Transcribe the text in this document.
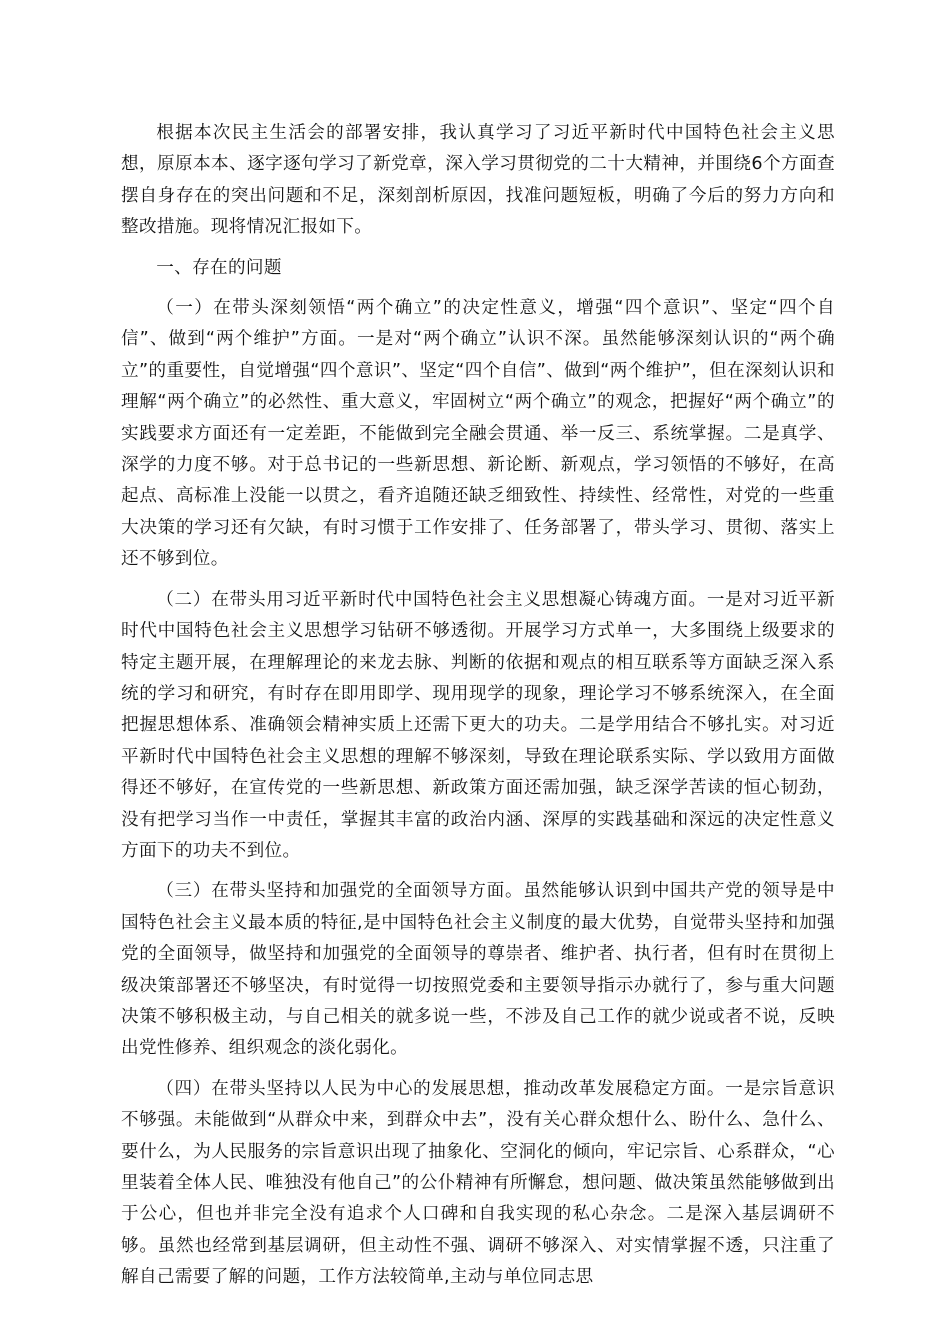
根据本次民主生活会的部署安排，我认真学习了习近平新时代中国特色社会主义思想，原原本本、逐字逐句学习了新党章，深入学习贯彻党的二十大精神，并围绕6个方面查摆自身存在的突出问题和不足，深刻剖析原因，找准问题短板，明确了今后的努力方向和整改措施。现将情况汇报如下。

一、存在的问题

（一）在带头深刻领悟“两个确立”的决定性意义，增强“四个意识”、坚定“四个自信”、做到“两个维护”方面。一是对“两个确立”认识不深。虽然能够深刻认识的“两个确立”的重要性，自觉增强“四个意识”、坚定“四个自信”、做到“两个维护”，但在深刻认识和理解“两个确立”的必然性、重大意义，牢固树立“两个确立”的观念，把握好“两个确立”的实践要求方面还有一定差距，不能做到完全融会贯通、举一反三、系统掌握。二是真学、深学的力度不够。对于总书记的一些新思想、新论断、新观点，学习领悟的不够好，在高起点、高标准上没能一以贯之，看齐追随还缺乏细致性、持续性、经常性，对党的一些重大决策的学习还有欠缺，有时习惯于工作安排了、任务部署了，带头学习、贯彻、落实上还不够到位。

（二）在带头用习近平新时代中国特色社会主义思想凝心铸魂方面。一是对习近平新时代中国特色社会主义思想学习钻研不够透彻。开展学习方式单一，大多围绕上级要求的特定主题开展，在理解理论的来龙去脉、判断的依据和观点的相互联系等方面缺乏深入系统的学习和研究，有时存在即用即学、现用现学的现象，理论学习不够系统深入，在全面把握思想体系、准确领会精神实质上还需下更大的功夫。二是学用结合不够扎实。对习近平新时代中国特色社会主义思想的理解不够深刻，导致在理论联系实际、学以致用方面做得还不够好，在宣传党的一些新思想、新政策方面还需加强，缺乏深学苦读的恒心韧劲，没有把学习当作一中责任，掌握其丰富的政治内涵、深厚的实践基础和深远的决定性意义方面下的功夫不到位。

（三）在带头坚持和加强党的全面领导方面。虽然能够认识到中国共产党的领导是中国特色社会主义最本质的特征,是中国特色社会主义制度的最大优势，自觉带头坚持和加强党的全面领导，做坚持和加强党的全面领导的尊崇者、维护者、执行者，但有时在贯彻上级决策部署还不够坚决，有时觉得一切按照党委和主要领导指示办就行了，参与重大问题决策不够积极主动，与自己相关的就多说一些，不涉及自己工作的就少说或者不说，反映出党性修养、组织观念的淡化弱化。

（四）在带头坚持以人民为中心的发展思想，推动改革发展稳定方面。一是宗旨意识不够强。未能做到“从群众中来，到群众中去”，没有关心群众想什么、盼什么、急什么、要什么，为人民服务的宗旨意识出现了抽象化、空洞化的倾向，牢记宗旨、心系群众，“心里装着全体人民、唯独没有他自己”的公仆精神有所懈怠，想问题、做决策虽然能够做到出于公心，但也并非完全没有追求个人口碑和自我实现的私心杂念。二是深入基层调研不够。虽然也经常到基层调研，但主动性不强、调研不够深入、对实情掌握不透，只注重了解自己需要了解的问题，工作方法较简单,主动与单位同志思
